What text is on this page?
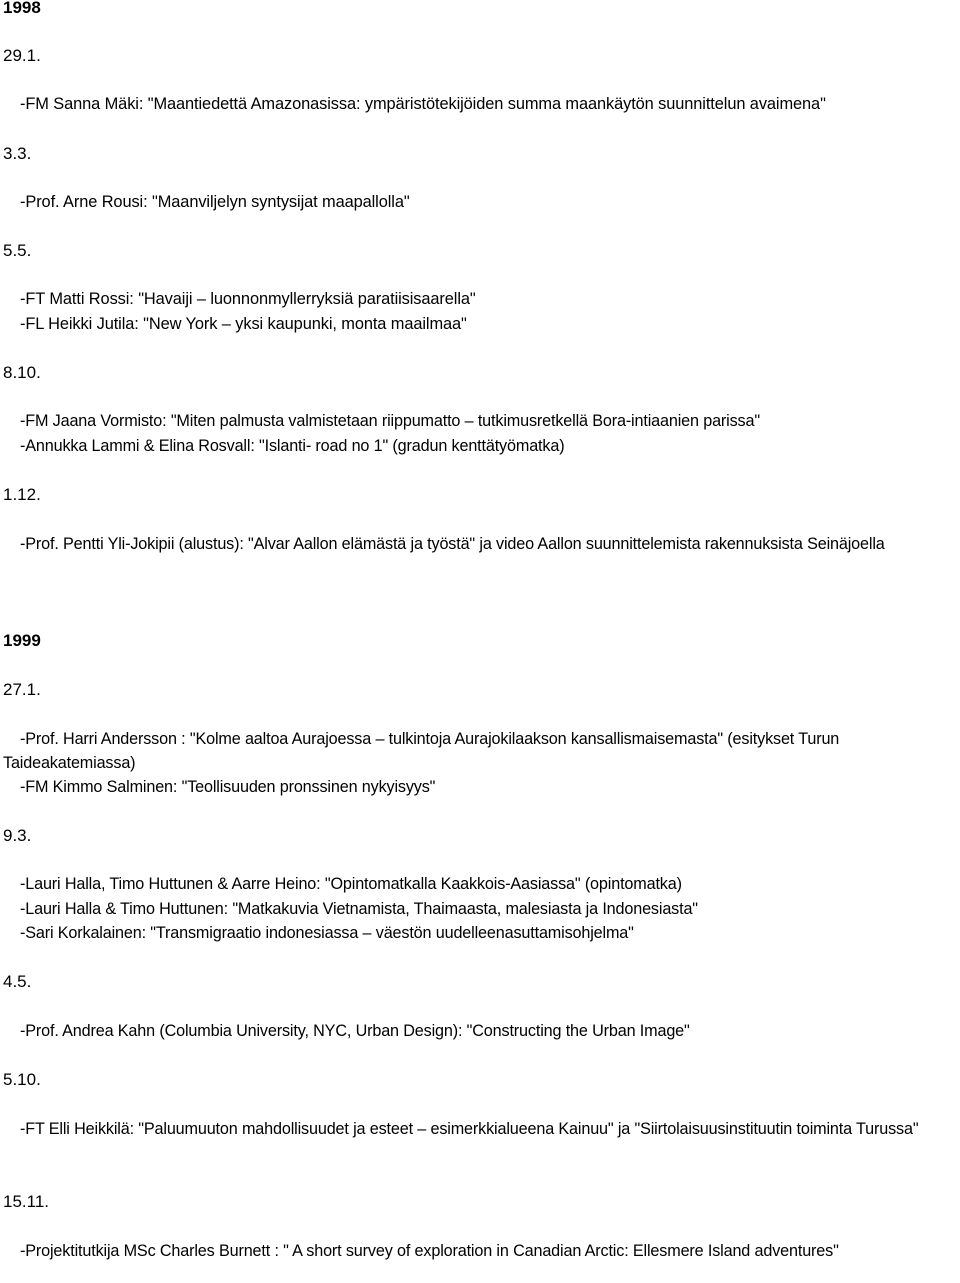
1998
29.1.
-FM Sanna Mäki: "Maantiedettä Amazonasissa: ympäristötekijöiden summa maankäytön suunnittelun avaimena"
3.3.
-Prof. Arne Rousi: "Maanviljelyn syntysijat maapallolla"
5.5.
-FT Matti Rossi: "Havaiji – luonnonmyllerryksiä paratiisisaarella"
-FL Heikki Jutila: "New York – yksi kaupunki, monta maailmaa"
8.10.
-FM Jaana Vormisto: "Miten palmusta valmistetaan riippumatto – tutkimusretkellä Bora-intiaanien parissa"
-Annukka Lammi & Elina Rosvall: "Islanti- road no 1" (gradun kenttätyömatka)
1.12.
-Prof. Pentti Yli-Jokipii (alustus): "Alvar Aallon elämästä ja työstä" ja video Aallon suunnittelemista rakennuksista Seinäjoella
1999
27.1.
-Prof. Harri Andersson : "Kolme aaltoa Aurajoessa – tulkintoja Aurajokilaakson kansallismaisemasta" (esitykset Turun Taideakatemiassa)
-FM Kimmo Salminen: "Teollisuuden pronssinen nykyisyys"
9.3.
-Lauri Halla, Timo Huttunen & Aarre Heino: "Opintomatkalla Kaakkois-Aasiassa" (opintomatka)
-Lauri Halla & Timo Huttunen: "Matkakuvia Vietnamista, Thaimaasta, malesiasta ja Indonesiasta"
-Sari Korkalainen: "Transmigraatio indonesiassa – väestön uudelleenasuttamisohjelma"
4.5.
-Prof. Andrea Kahn (Columbia University, NYC, Urban Design): "Constructing the Urban Image"
5.10.
-FT Elli Heikkilä: "Paluumuuton mahdollisuudet ja esteet – esimerkkialueena Kainuu" ja "Siirtolaisuusinstituutin toiminta Turussa"
15.11.
-Projektitutkija MSc Charles Burnett : " A short survey of exploration in Canadian Arctic: Ellesmere Island adventures"
